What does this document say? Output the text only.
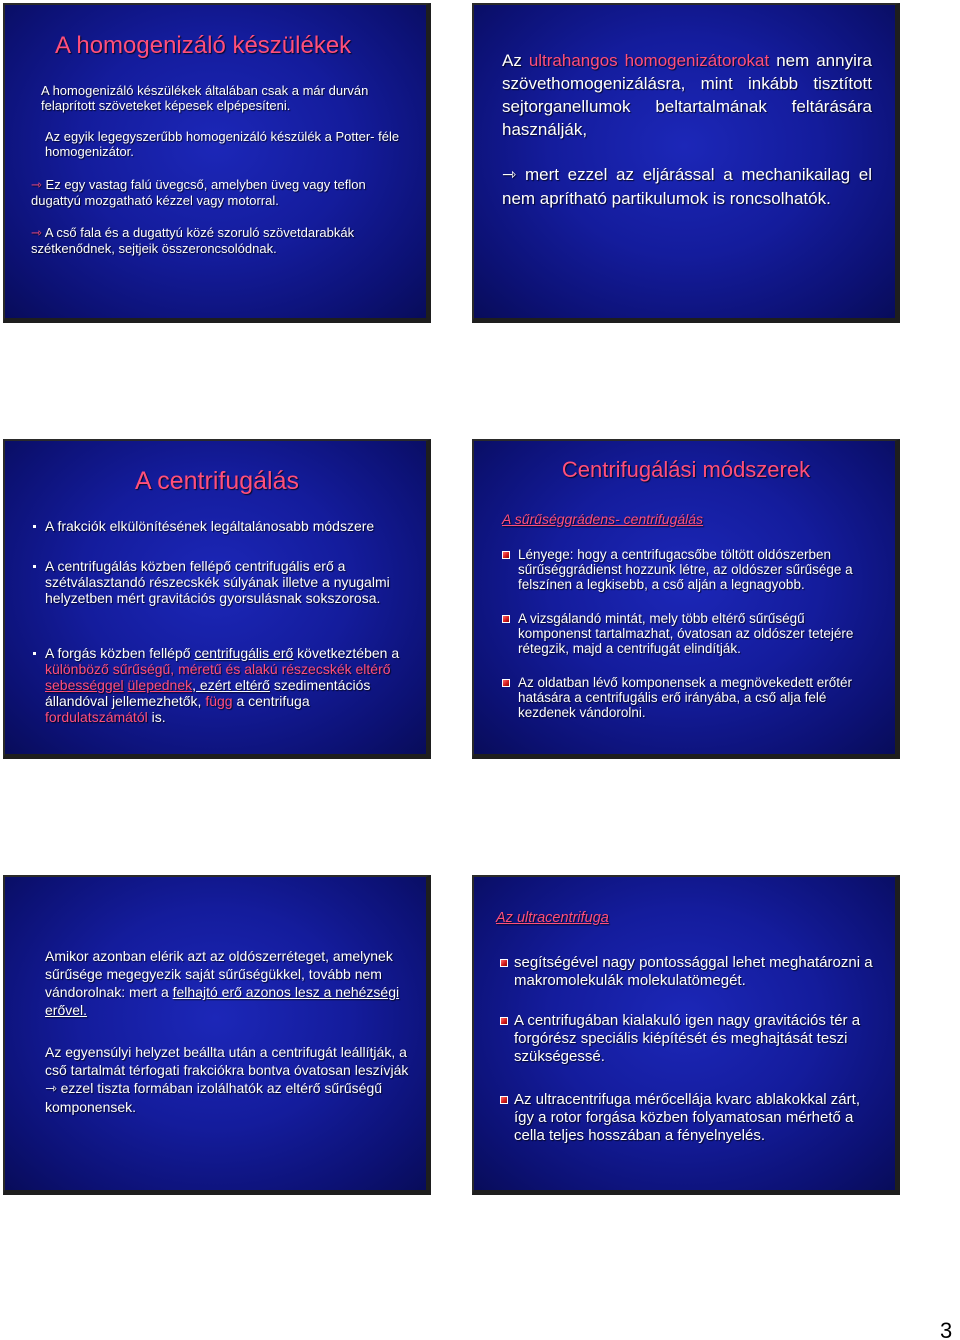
A homogenizáló készülékek
A homogenizáló készülékek általában csak a már durván felaprított szöveteket képesek elpépesíteni.
Az egyik legegyszerűbb homogenizáló készülék a Potter- féle homogenizátor.
⇾ Ez egy vastag falú üvegcső, amelyben üveg vagy teflon dugattyú mozgatható kézzel vagy motorral.
⇾ A cső fala és a dugattyú közé szoruló szövetdarabkák szétkenődnek, sejtjeik összeroncsolódnak.
Az ultrahangos homogenizátorokat nem annyira szövethomogenizálásra, mint inkább tisztított sejtorganellumok beltartalmának feltárására használják,
⇾ mert ezzel az eljárással a mechanikailag el nem aprítható partikulumok is roncsolhatók.
A centrifugálás
A frakciók elkülönítésének legáltalánosabb módszere
A centrifugálás közben fellépő centrifugális erő a szétválasztandó részecskék súlyának illetve a nyugalmi helyzetben mért gravitációs gyorsulásnak sokszorosa.
A forgás közben fellépő centrifugális erő következtében a különböző sűrűségű, méretű és alakú részecskék eltérő sebességgel ülepednek, ezért eltérő szedimentációs állandóval jellemezhetők, függ a centrifuga fordulatszámától is.
Centrifugálási módszerek
A sűrűséggrádens- centrifugálás
Lényege: hogy a centrifugacsőbe töltött oldószerben sűrűséggrádienst hozzunk létre, az oldószer sűrűsége a felszínen a legkisebb, a cső alján a legnagyobb.
A vizsgálandó mintát, mely több eltérő sűrűségű komponenst tartalmazhat, óvatosan az oldószer tetejére rétegzik, majd a centrifugát elindítják.
Az oldatban lévő komponensek a megnövekedett erőtér hatására a centrifugális erő irányába, a cső alja felé kezdenek vándorolni.
Amikor azonban elérik azt az oldószerréteget, amelynek sűrűsége megegyezik saját sűrűségükkel, tovább nem vándorolnak: mert a felhajtó erő azonos lesz a nehézségi erővel.
Az egyensúlyi helyzet beállta után a centrifugát leállítják, a cső tartalmát térfogati frakciókra bontva óvatosan leszívják ⇾ ezzel tiszta formában izolálhatók az eltérő sűrűségű komponensek.
Az ultracentrifuga
segítségével nagy pontossággal lehet meghatározni a makromolekulák molekulatömegét.
A centrifugában kialakuló igen nagy gravitációs tér a forgórész speciális kiépítését és meghajtását teszi szükségessé.
Az ultracentrifuga mérőcellája kvarc ablakokkal zárt, így a rotor forgása közben folyamatosan mérhető a cella teljes hosszában a fényelnyelés.
3
